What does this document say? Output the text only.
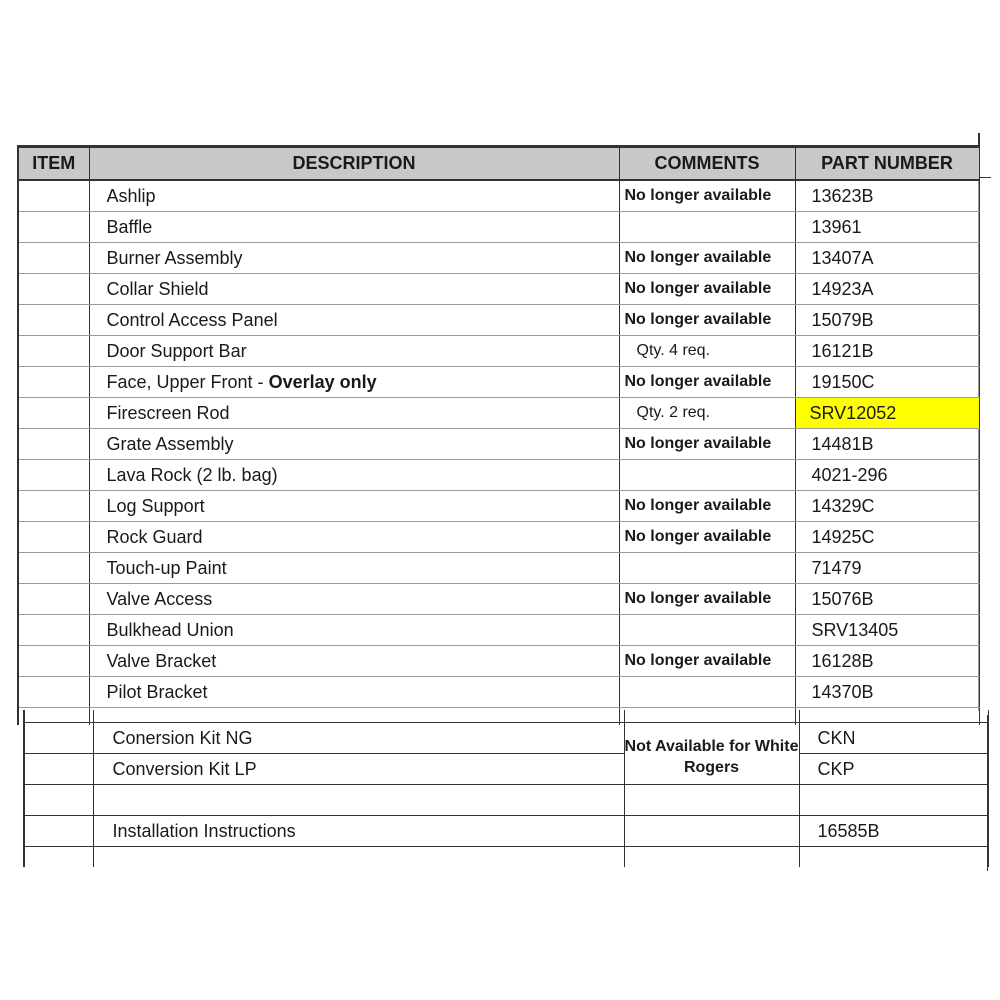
ITEM	DESCRIPTION	COMMENTS	PART NUMBER
	Ashlip	No longer available	13623B
	Baffle		13961
	Burner Assembly	No longer available	13407A
	Collar Shield	No longer available	14923A
	Control Access Panel	No longer available	15079B
	Door Support Bar	Qty. 4 req.	16121B
	Face, Upper Front - Overlay only	No longer available	19150C
	Firescreen Rod	Qty. 2 req.	SRV12052
	Grate Assembly	No longer available	14481B
	Lava Rock (2 lb. bag)		4021-296
	Log Support	No longer available	14329C
	Rock Guard	No longer available	14925C
	Touch-up Paint		71479
	Valve Access	No longer available	15076B
	Bulkhead Union		SRV13405
	Valve Bracket	No longer available	16128B
	Pilot Bracket		14370B

	Conersion Kit NG	Not Available for White Rogers	CKN
	Conversion Kit LP		CKP

	Installation Instructions		16585B
